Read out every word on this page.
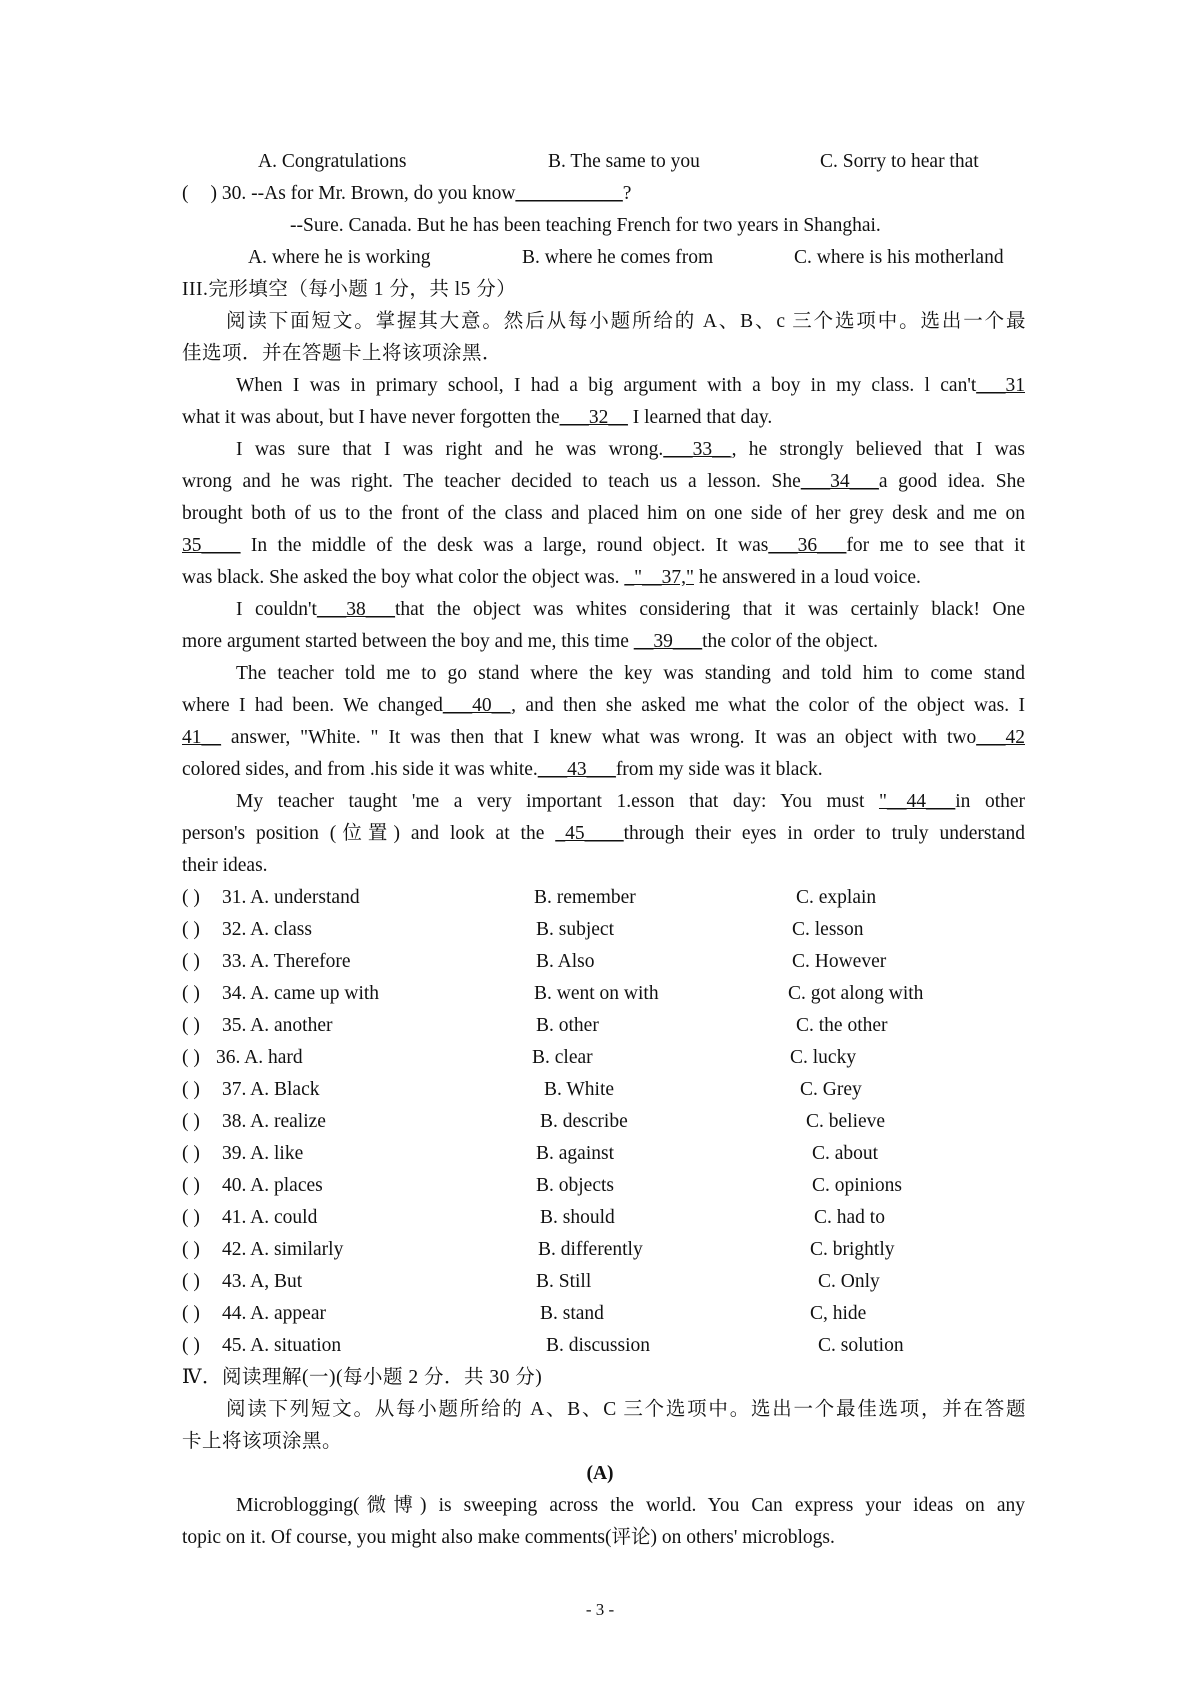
A. Congratulations	B. The same to you	C. Sorry to hear that
( ) 30. --As for Mr. Brown, do you know___________?
--Sure. Canada. But he has been teaching French for two years in Shanghai.
A. where he is working	B. where he comes from	C. where is his motherland
III.完形填空（每小题 1 分，共 l5 分）
阅读下面短文。掌握其大意。然后从每小题所给的 A、B、c 三个选项中。选出一个最
佳选项．并在答题卡上将该项涂黑．
When I was in primary school, I had a big argument with a boy in my class. l can't___31
what it was about, but I have never forgotten the___32__ I learned that day.
I was sure that I was right and he was wrong.___33__, he strongly believed that I was
wrong and he was right. The teacher decided to teach us a lesson. She___34___a good idea. She
brought both of us to the front of the class and placed him on one side of her grey desk and me on
35____ In the middle of the desk was a large, round object. It was___36___for me to see that it
was black. She asked the boy what color the object was. _"__37," he answered in a loud voice.
I couldn't___38___that the object was whites considering that it was certainly black! One
more argument started between the boy and me, this time __39___the color of the object.
The teacher told me to go stand where the key was standing and told him to come stand
where I had been. We changed___40__, and then she asked me what the color of the object was. I
41__ answer, "White. " It was then that I knew what was wrong. It was an object with two___42
colored sides, and from .his side it was white.___43___from my side was it black.
My teacher taught 'me a very important 1.esson that day: You must "__44___in other
person's position (位置) and look at the _45____through their eyes in order to truly understand
their ideas.
( ) 31. A. understand	B. remember	C. explain
( ) 32. A. class	B. subject	C. lesson
( ) 33. A. Therefore	B. Also	C. However
( ) 34. A. came up with	B. went on with	C. got along with
( ) 35. A. another	B. other	C. the other
( ) 36. A. hard	B. clear	C. lucky
( ) 37. A. Black	B. White	C. Grey
( ) 38. A. realize	B. describe	C. believe
( ) 39. A. like	B. against	C. about
( ) 40. A. places	B. objects	C. opinions
( ) 41. A. could	B. should	C. had to
( ) 42. A. similarly	B. differently	C. brightly
( ) 43. A, But	B. Still	C. Only
( ) 44. A. appear	B. stand	C, hide
( ) 45. A. situation	B. discussion	C. solution
Ⅳ．阅读理解(一)(每小题 2 分．共 30 分)
阅读下列短文。从每小题所给的 A、B、C 三个选项中。选出一个最佳选项，并在答题
卡上将该项涂黑。
(A)
Microblogging(微博) is sweeping across the world. You Can express your ideas on any
topic on it. Of course, you might also make comments(评论) on others' microblogs.
- 3 -
